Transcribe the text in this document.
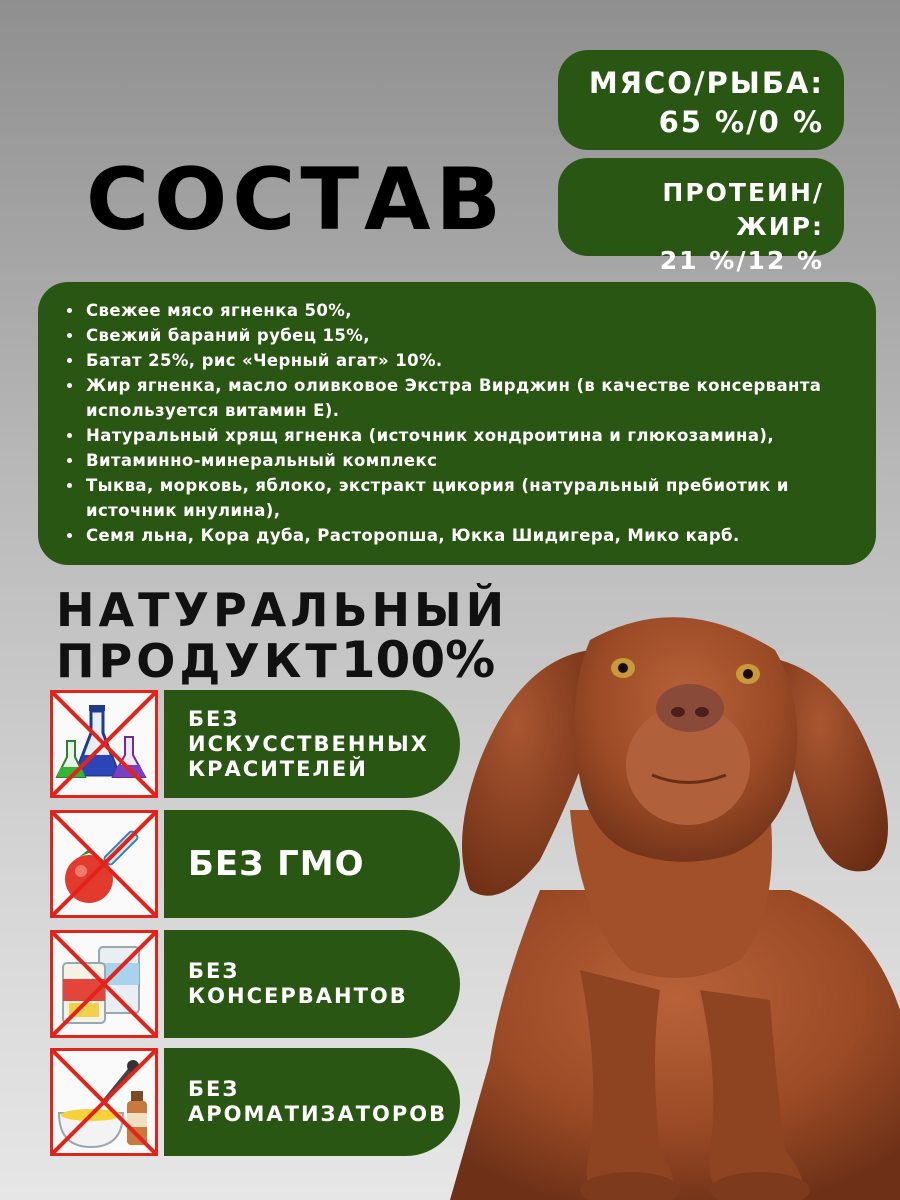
СОСТАВ
МЯСО/РЫБА:
65 %/0 %
ПРОТЕИН/ЖИР:
21 %/12 %
• Свежее мясо ягненка 50%,
• Свежий бараний рубец 15%,
• Батат 25%, рис «Черный агат» 10%.
• Жир ягненка, масло оливковое Экстра Вирджин (в качестве консерванта используется витамин Е).
• Натуральный хрящ ягненка (источник хондроитина и глюкозамина),
• Витаминно-минеральный комплекс
• Тыква, морковь, яблоко, экстракт цикория (натуральный пребиотик и источник инулина),
• Семя льна, Кора дуба, Расторопша, Юкка Шидигера, Мико карб.
НАТУРАЛЬНЫЙ
ПРОДУКТ100%
БЕЗ ИСКУССТВЕННЫХ КРАСИТЕЛЕЙ
БЕЗ ГМО
БЕЗ КОНСЕРВАНТОВ
БЕЗ АРОМАТИЗАТОРОВ
